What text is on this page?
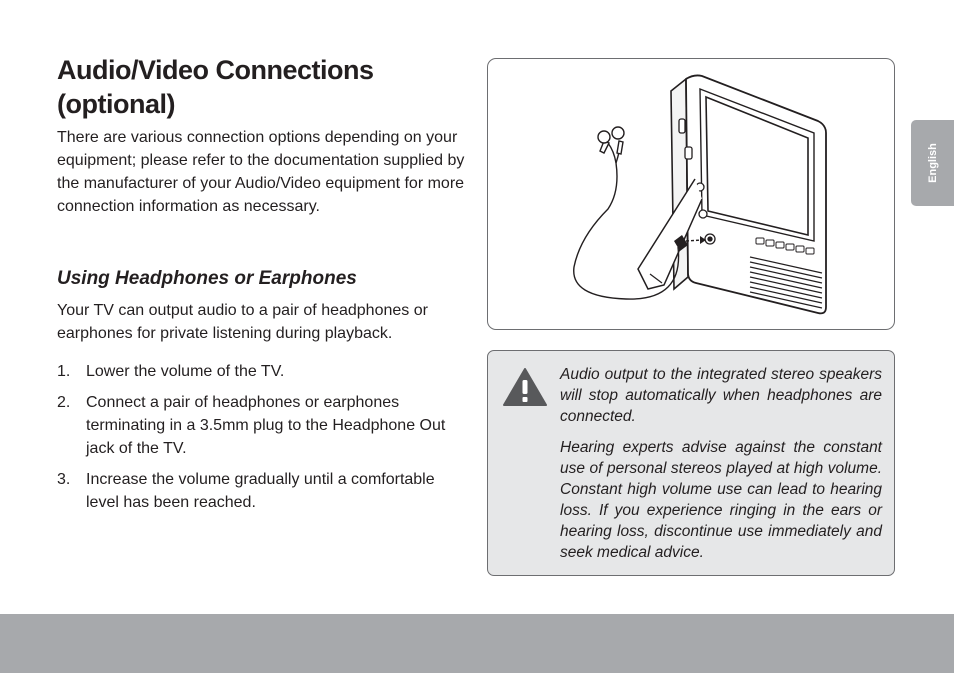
Audio/Video Connections (optional)

There are various connection options depending on your equipment; please refer to the documentation supplied by the manufacturer of your Audio/Video equipment for more connection information as necessary.

Using Headphones or Earphones

Your TV can output audio to a pair of headphones or earphones for private listening during playback.

1. Lower the volume of the TV.
2. Connect a pair of headphones or earphones terminating in a 3.5mm plug to the Headphone Out jack of the TV.
3. Increase the volume gradually until a comfortable level has been reached.

Audio output to the integrated stereo speakers will stop automatically when headphones are connected.

Hearing experts advise against the constant use of personal stereos played at high volume. Constant high volume use can lead to hearing loss. If you experience ringing in the ears or hearing loss, discontinue use immediately and seek medical advice.

English
